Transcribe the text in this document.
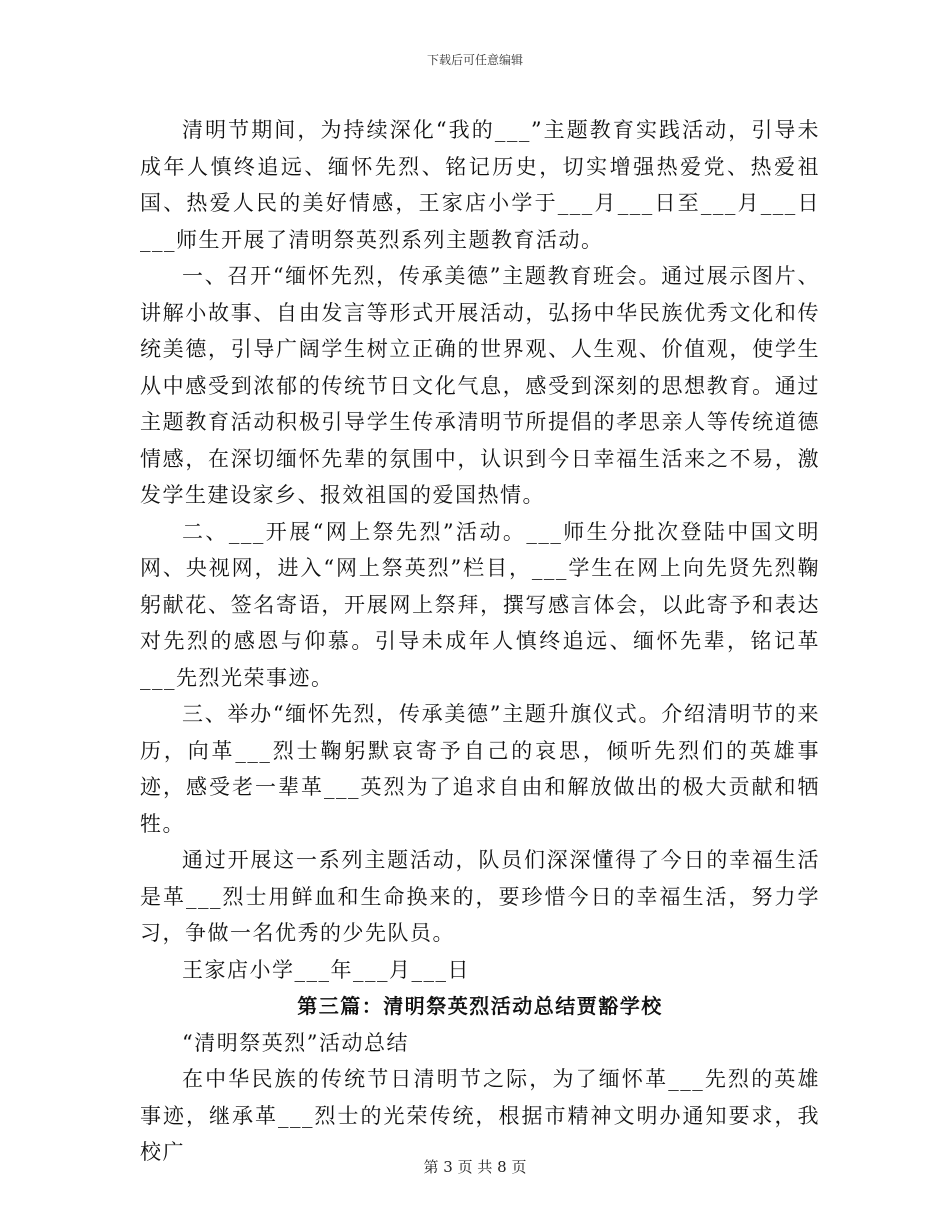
下载后可任意编辑

清明节期间，为持续深化“我的___”主题教育实践活动，引导未成年人慎终追远、缅怀先烈、铭记历史，切实增强热爱党、热爱祖国、热爱人民的美好情感，王家店小学于___月___日至___月___日___师生开展了清明祭英烈系列主题教育活动。

一、召开“缅怀先烈，传承美德”主题教育班会。通过展示图片、讲解小故事、自由发言等形式开展活动，弘扬中华民族优秀文化和传统美德，引导广阔学生树立正确的世界观、人生观、价值观，使学生从中感受到浓郁的传统节日文化气息，感受到深刻的思想教育。通过主题教育活动积极引导学生传承清明节所提倡的孝思亲人等传统道德情感，在深切缅怀先辈的氛围中，认识到今日幸福生活来之不易，激发学生建设家乡、报效祖国的爱国热情。

二、___开展“网上祭先烈”活动。___师生分批次登陆中国文明网、央视网，进入“网上祭英烈”栏目，___学生在网上向先贤先烈鞠躬献花、签名寄语，开展网上祭拜，撰写感言体会，以此寄予和表达对先烈的感恩与仰慕。引导未成年人慎终追远、缅怀先辈，铭记革___先烈光荣事迹。

三、举办“缅怀先烈，传承美德”主题升旗仪式。介绍清明节的来历，向革___烈士鞠躬默哀寄予自己的哀思，倾听先烈们的英雄事迹，感受老一辈革___英烈为了追求自由和解放做出的极大贡献和牺牲。

通过开展这一系列主题活动，队员们深深懂得了今日的幸福生活是革___烈士用鲜血和生命换来的，要珍惜今日的幸福生活，努力学习，争做一名优秀的少先队员。

王家店小学___年___月___日

第三篇：清明祭英烈活动总结贾豁学校

“清明祭英烈”活动总结

在中华民族的传统节日清明节之际，为了缅怀革___先烈的英雄事迹，继承革___烈士的光荣传统，根据市精神文明办通知要求，我校广

第 3 页 共 8 页
